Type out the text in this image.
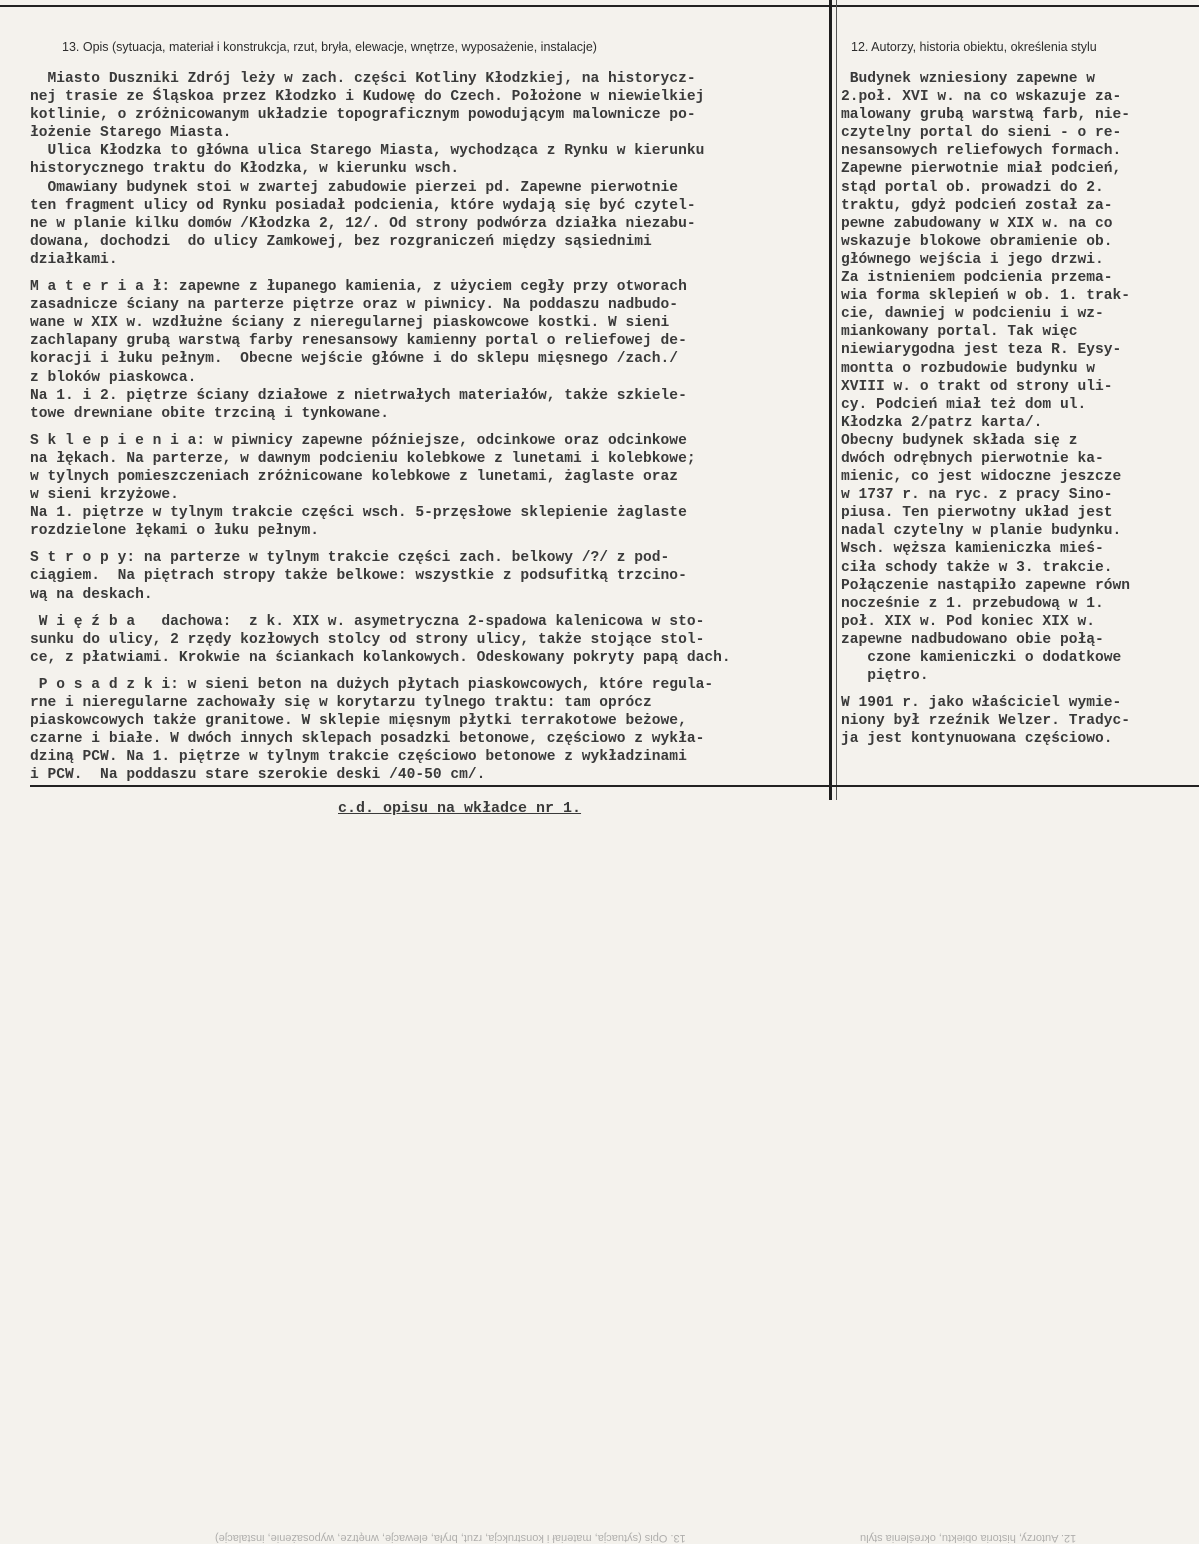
13. Opis (sytuacja, materiał i konstrukcja, rzut, bryła, elewacje, wnętrze, wyposażenie, instalacje)	12. Autorzy, historia obiektu, określenia stylu
Miasto Duszniki Zdrój leży w zach. części Kotliny Kłodzkiej, na historycz-
nej trasie ze Śląskoa przez Kłodzko i Kudowę do Czech. Położone w niewielkiej
kotlinie, o zróżnicowanym układzie topograficznym powodującym malownicze po-
łożenie Starego Miasta.
Ulica Kłodzka to główna ulica Starego Miasta, wychodząca z Rynku w kierunku
historycznego traktu do Kłodzka, w kierunku wsch.
Omawiany budynek stoi w zwartej zabudowie pierzei pd. Zapewne pierwotnie
ten fragment ulicy od Rynku posiadał podcienia, które wydają się być czytel-
ne w planie kilku domów /Kłodzka 2, 12/. Od strony podwórza działka niezabu-
dowana, dochodzi  do ulicy Zamkowej, bez rozgraniczeń między sąsiednimi
działkami.
M a t e r i a ł: zapewne z łupanego kamienia, z użyciem cegły przy otworach
zasadnicze ściany na parterze piętrze oraz w piwnicy. Na poddaszu nadbudo-
wane w XIX w. wzdłużne ściany z nieregularnej piaskowcowe kostki. W sieni
zachlapany grubą warstwą farby renesansowy kamienny portal o reliefowej de-
koracji i łuku pełnym.  Obecne wejście główne i do sklepu mięsnego /zach./
z bloków piaskowca.
Na 1. i 2. piętrze ściany działowe z nietrwałych materiałów, także szkiele-
towe drewniane obite trzciną i tynkowane.
S k l e p i e n i a: w piwnicy zapewne późniejsze, odcinkowe oraz odcinkowe
na łękach. Na parterze, w dawnym podcieniu kolebkowe z lunetami i kolebkowe;
w tylnych pomieszczeniach zróżnicowane kolebkowe z lunetami, żaglaste oraz
w sieni krzyżowe.
Na 1. piętrze w tylnym trakcie części wsch. 5-przęsłowe sklepienie żaglaste
rozdzielone łękami o łuku pełnym.
S t r o p y: na parterze w tylnym trakcie części zach. belkowy /?/ z pod-
ciągiem.  Na piętrach stropy także belkowe: wszystkie z podsufitką trzcino-
wą na deskach.
W i ę ź b a   dachowa:  z k. XIX w. asymetryczna 2-spadowa kalenicowa w sto-
sunku do ulicy, 2 rzędy kozłowych stolcy od strony ulicy, także stojące stol-
ce, z płatwiami. Krokwie na ściankach kolankowych. Odeskowany pokryty papą dach.
P o s a d z k i: w sieni beton na dużych płytach piaskowcowych, które regula-
rne i nieregularne zachowały się w korytarzu tylnego traktu: tam oprócz
piaskowcowych także granitowe. W sklepie mięsnym płytki terrakotowe beżowe,
czarne i białe. W dwóch innych sklepach posadzki betonowe, częściowo z wykła-
dziną PCW. Na 1. piętrze w tylnym trakcie częściowo betonowe z wykładzinami
i PCW.  Na poddaszu stare szerokie deski /40-50 cm/.
Budynek wzniesiony zapewne w
2.poł. XVI w. na co wskazuje za-
malowany grubą warstwą farb, nie-
czytelny portal do sieni - o re-
nesansowych reliefowych formach.
Zapewne pierwotnie miał podcień,
stąd portal ob. prowadzi do 2.
traktu, gdyż podcień został za-
pewne zabudowany w XIX w. na co
wskazuje blokowe obramienie ob.
głównego wejścia i jego drzwi.
Za istnieniem podcienia przema-
wia forma sklepień w ob. 1. trak-
cie, dawniej w podcieniu i wz-
miankowany portal. Tak więc
niewiarygodna jest teza R. Eysy-
montta o rozbudowie budynku w
XVIII w. o trakt od strony uli-
cy. Podcień miał też dom ul.
Kłodzka 2/patrz karta/.
Obecny budynek składa się z
dwóch odrębnych pierwotnie ka-
mienic, co jest widoczne jeszcze
w 1737 r. na ryc. z pracy Sino-
piusa. Ten pierwotny układ jest
nadal czytelny w planie budynku.
Wsch. węższa kamieniczka mieś-
ciła schody także w 3. trakcie.
Połączenie nastąpiło zapewne równ
nocześnie z 1. przebudową w 1.
poł. XIX w. Pod koniec XIX w.
zapewne nadbudowano obie połą-
czone kamieniczki o dodatkowe
piętro.
W 1901 r. jako właściciel wymie-
niony był rzeźnik Welzer. Tradyc-
ja jest kontynuowana częściowo.
13. Opis (sytuacja, materiał i konstrukcja, rzut, bryła, elewacje, wnętrze, wyposażenie, instalacje)	12. Autorzy, historia obiektu, określenia stylu
c.d. opisu na wkładce nr 1.
